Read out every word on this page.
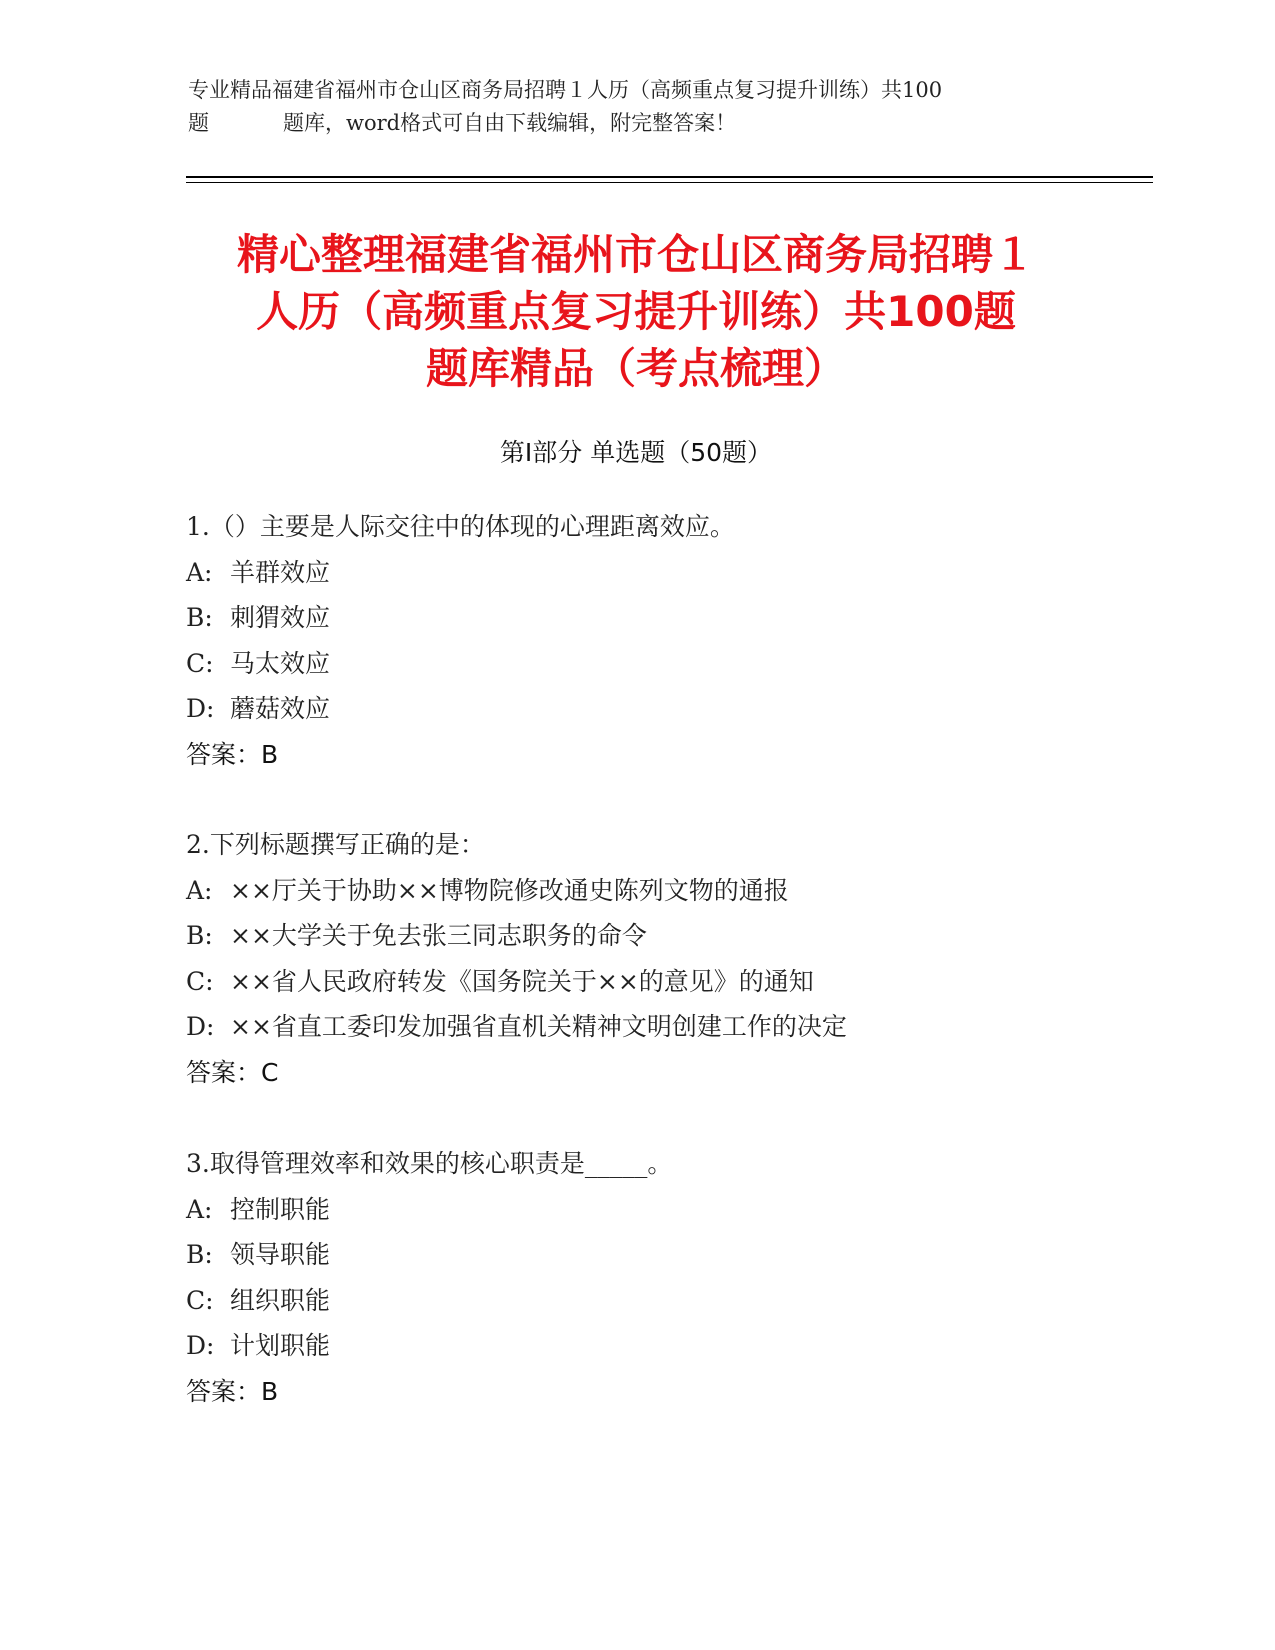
专业精品福建省福州市仓山区商务局招聘１人历（高频重点复习提升训练）共100
题	题库，word格式可自由下载编辑，附完整答案！
精心整理福建省福州市仓山区商务局招聘１
人历（高频重点复习提升训练）共100题
题库精品（考点梳理）
第Ⅰ部分 单选题（50题）
1.（）主要是人际交往中的体现的心理距离效应。
A: 羊群效应
B: 刺猬效应
C: 马太效应
D: 蘑菇效应
答案：B
2.下列标题撰写正确的是：
A: ××厅关于协助××博物院修改通史陈列文物的通报
B: ××大学关于免去张三同志职务的命令
C: ××省人民政府转发《国务院关于××的意见》的通知
D: ××省直工委印发加强省直机关精神文明创建工作的决定
答案：C
3.取得管理效率和效果的核心职责是_____。
A: 控制职能
B: 领导职能
C: 组织职能
D: 计划职能
答案：B
